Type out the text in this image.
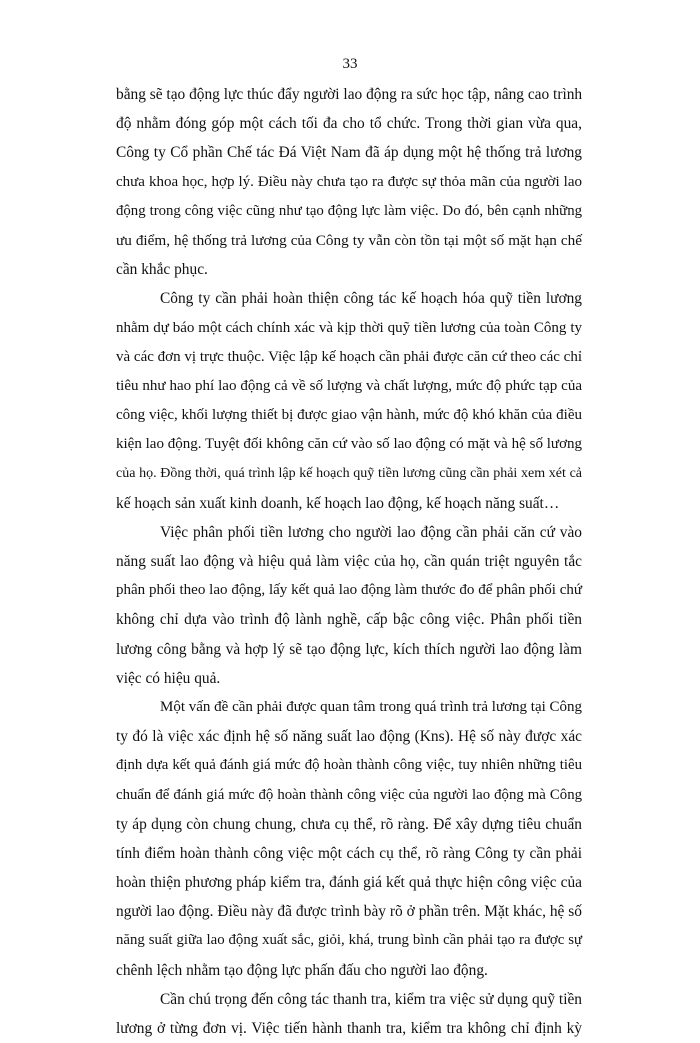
33
bằng sẽ tạo động lực thúc đẩy người lao động ra sức học tập, nâng cao trình
độ nhằm đóng góp một cách tối đa cho tổ chức. Trong thời gian vừa qua,
Công ty Cổ phần Chế tác Đá Việt Nam đã áp dụng một hệ thống trả lương
chưa khoa học, hợp lý. Điều này chưa tạo ra được sự thỏa mãn của người lao
động trong công việc cũng như tạo động lực làm việc. Do đó, bên cạnh những
ưu điểm, hệ thống trả lương của Công ty vẫn còn tồn tại một số mặt hạn chế
cần khắc phục.
Công ty cần phải hoàn thiện công tác kế hoạch hóa quỹ tiền lương
nhằm dự báo một cách chính xác và kịp thời quỹ tiền lương của toàn Công ty
và các đơn vị trực thuộc. Việc lập kế hoạch cần phải được căn cứ theo các chỉ
tiêu như hao phí lao động cả về số lượng và chất lượng, mức độ phức tạp của
công việc, khối lượng thiết bị được giao vận hành, mức độ khó khăn của điều
kiện lao động. Tuyệt đối không căn cứ vào số lao động có mặt và hệ số lương
của họ. Đồng thời, quá trình lập kế hoạch quỹ tiền lương cũng cần phải xem xét cả
kế hoạch sản xuất kinh doanh, kế hoạch lao động, kế hoạch năng suất…
Việc phân phối tiền lương cho người lao động cần phải căn cứ vào
năng suất lao động và hiệu quả làm việc của họ, cần quán triệt nguyên tắc
phân phối theo lao động, lấy kết quả lao động làm thước đo để phân phối chứ
không chỉ dựa vào trình độ lành nghề, cấp bậc công việc. Phân phối tiền
lương công bằng và hợp lý sẽ tạo động lực, kích thích người lao động làm
việc có hiệu quả.
Một vấn đề cần phải được quan tâm trong quá trình trả lương tại Công
ty đó là việc xác định hệ số năng suất lao động (Kns). Hệ số này được xác
định dựa kết quả đánh giá mức độ hoàn thành công việc, tuy nhiên những tiêu
chuẩn để đánh giá mức độ hoàn thành công việc của người lao động mà Công
ty áp dụng còn chung chung, chưa cụ thể, rõ ràng. Để xây dựng tiêu chuẩn
tính điểm hoàn thành công việc một cách cụ thể, rõ ràng Công ty cần phải
hoàn thiện phương pháp kiểm tra, đánh giá kết quả thực hiện công việc của
người lao động. Điều này đã được trình bày rõ ở phần trên. Mặt khác, hệ số
năng suất giữa lao động xuất sắc, giỏi, khá, trung bình cần phải tạo ra được sự
chênh lệch nhằm tạo động lực phấn đấu cho người lao động.
Cần chú trọng đến công tác thanh tra, kiểm tra việc sử dụng quỹ tiền
lương ở từng đơn vị. Việc tiến hành thanh tra, kiểm tra không chỉ định kỳ
